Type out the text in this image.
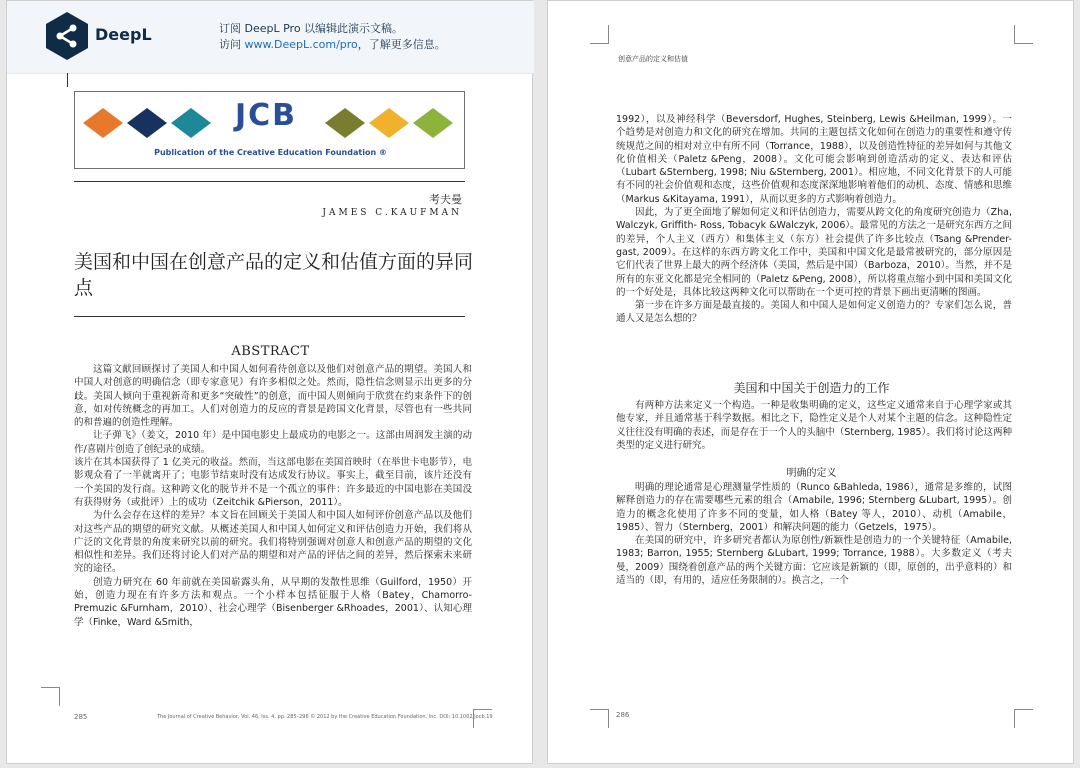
DeepL	订阅 DeepL Pro 以编辑此演示文稿。
访问 www.DeepL.com/pro，了解更多信息。
JCB
Publication of the Creative Education Foundation ®
考夫曼
JAMES C.KAUFMAN
美国和中国在创意产品的定义和估值方面的异同点
ABSTRACT

这篇文献回顾探讨了美国人和中国人如何看待创意以及他们对创意产品的期望。美国人和中国人对创意的明确信念（即专家意见）有许多相似之处。然而，隐性信念则显示出更多的分歧。美国人倾向于重视新奇和更多“突破性”的创意，而中国人则倾向于欣赏在约束条件下的创意，如对传统概念的再加工。人们对创造力的反应的背景是跨国文化背景，尽管也有一些共同的和普遍的创造性理解。

让子弹飞》（姜文，2010 年）是中国电影史上最成功的电影之一。这部由周润发主演的动作/喜剧片创造了创纪录的成绩。

该片在其本国获得了 1 亿美元的收益。然而，当这部电影在美国首映时（在举世卡电影节），电影观众看了一半就离开了；电影节结束时没有达成发行协议。事实上，截至目前，该片还没有一个美国的发行商。这种跨文化的脱节并不是一个孤立的事件：许多最近的中国电影在美国没有获得财务（或批评）上的成功（Zeitchik &Pierson，2011）。

为什么会存在这样的差异？本文旨在回顾关于美国人和中国人如何评价创意产品以及他们对这些产品的期望的研究文献。从概述美国人和中国人如何定义和评估创造力开始，我们将从广泛的文化背景的角度来研究以前的研究。我们将特别强调对创意人和创意产品的期望的文化相似性和差异。我们还将讨论人们对产品的期望和对产品的评估之间的差异，然后探索未来研究的途径。

创造力研究在 60 年前就在美国崭露头角，从早期的发散性思维（Guilford，1950）开始，创造力现在有许多方法和观点。一个小样本包括征服于人格（Batey，Chamorro-Premuzic &Furnham，2010）、社会心理学（Bisenberger &Rhoades，2001）、认知心理学（Finke，Ward &Smith，

285	The Journal of Creative Behavior, Vol. 46, Iss. 4, pp. 285–296 © 2012 by the Creative Education Foundation, Inc. DOI: 10.1002/jocb.19
创意产品的定义和估值

1992），以及神经科学（Beversdorf, Hughes, Steinberg, Lewis &Heilman, 1999）。一个趋势是对创造力和文化的研究在增加。共同的主题包括文化如何在创造力的重要性和遵守传统规范之间的相对对立中有所不同（Torrance，1988），以及创造性特征的差异如何与其他文化价值相关（Paletz &Peng，2008）。文化可能会影响到创造活动的定义、表达和评估（Lubart &Sternberg, 1998; Niu &Sternberg, 2001）。相应地，不同文化背景下的人可能有不同的社会价值观和态度，这些价值观和态度深深地影响着他们的动机、态度、情感和思维（Markus &Kitayama, 1991），从而以更多的方式影响着创造力。

因此，为了更全面地了解如何定义和评估创造力，需要从跨文化的角度研究创造力（Zha, Walczyk, Griffith- Ross, Tobacyk &Walczyk, 2006）。最常见的方法之一是研究东西方之间的差异，个人主义（西方）和集体主义（东方）社会提供了许多比较点（Tsang &Prender-gast, 2009）。在这样的东西方跨文化工作中，美国和中国文化是最常被研究的，部分原因是它们代表了世界上最大的两个经济体（美国，然后是中国）（Barboza，2010）。当然，并不是所有的东亚文化都是完全相同的（Paletz &Peng, 2008），所以将重点缩小到中国和美国文化的一个好处是，具体比较这两种文化可以帮助在一个更可控的背景下画出更清晰的图画。

第一步在许多方面是最直接的。美国人和中国人是如何定义创造力的？专家们怎么说，普通人又是怎么想的？

美国和中国关于创造力的工作

有两种方法来定义一个构造。一种是收集明确的定义，这些定义通常来自于心理学家或其他专家，并且通常基于科学数据。相比之下，隐性定义是个人对某个主题的信念。这种隐性定义往往没有明确的表述，而是存在于一个人的头脑中（Sternberg, 1985）。我们将讨论这两种类型的定义进行研究。

明确的定义

明确的理论通常是心理测量学性质的（Runco &Bahleda, 1986），通常是多维的，试图解释创造力的存在需要哪些元素的组合（Amabile, 1996; Sternberg &Lubart, 1995）。创造力的概念化使用了许多不同的变量，如人格（Batey 等人，2010）、动机（Amabile，1985）、智力（Sternberg，2001）和解决问题的能力（Getzels，1975）。

在美国的研究中，许多研究者都认为原创性/新颖性是创造力的一个关键特征（Amabile, 1983; Barron, 1955; Sternberg &Lubart, 1999; Torrance, 1988）。大多数定义（考夫曼，2009）围绕着创意产品的两个关键方面：它应该是新颖的（即，原创的，出乎意料的）和适当的（即，有用的，适应任务限制的）。换言之，一个

286
